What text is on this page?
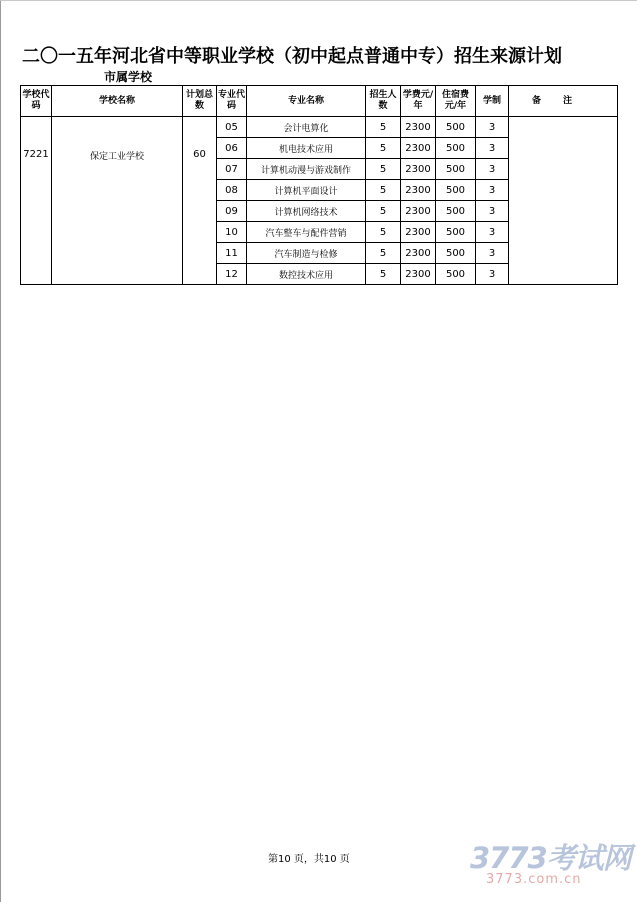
二〇一五年河北省中等职业学校（初中起点普通中专）招生来源计划
市属学校
学校代码	学校名称	计划总数	专业代码	专业名称	招生人数	学费元/年	住宿费元/年	学制	备注
7221	保定工业学校	60	05	会计电算化	5	2300	500	3	
			06	机电技术应用	5	2300	500	3	
			07	计算机动漫与游戏制作	5	2300	500	3	
			08	计算机平面设计	5	2300	500	3	
			09	计算机网络技术	5	2300	500	3	
			10	汽车整车与配件营销	5	2300	500	3	
			11	汽车制造与检修	5	2300	500	3	
			12	数控技术应用	5	2300	500	3	
第10 页，共10 页	3773考试网
3773.com.cn
